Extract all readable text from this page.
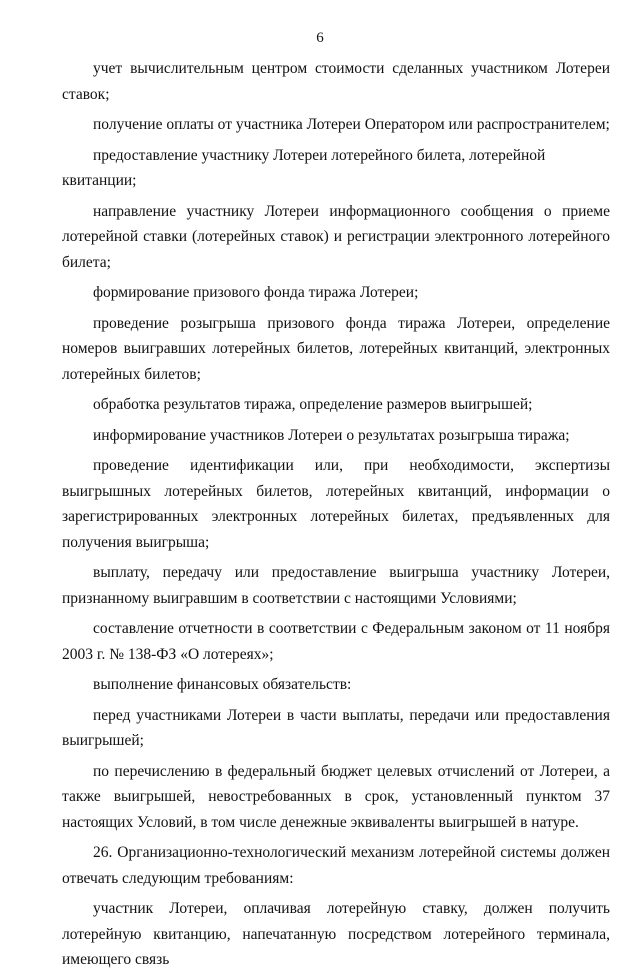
6

учет вычислительным центром стоимости сделанных участником Лотереи ставок;

получение оплаты от участника Лотереи Оператором или распространителем;

предоставление участнику Лотереи лотерейного билета, лотерейной квитанции;

направление участнику Лотереи информационного сообщения о приеме лотерейной ставки (лотерейных ставок) и регистрации электронного лотерейного билета;

формирование призового фонда тиража Лотереи;

проведение розыгрыша призового фонда тиража Лотереи, определение номеров выигравших лотерейных билетов, лотерейных квитанций, электронных лотерейных билетов;

обработка результатов тиража, определение размеров выигрышей;

информирование участников Лотереи о результатах розыгрыша тиража;

проведение идентификации или, при необходимости, экспертизы выигрышных лотерейных билетов, лотерейных квитанций, информации о зарегистрированных электронных лотерейных билетах, предъявленных для получения выигрыша;

выплату, передачу или предоставление выигрыша участнику Лотереи, признанному выигравшим в соответствии с настоящими Условиями;

составление отчетности в соответствии с Федеральным законом от 11 ноября 2003 г. № 138-ФЗ «О лотереях»;

выполнение финансовых обязательств:

перед участниками Лотереи в части выплаты, передачи или предоставления выигрышей;

по перечислению в федеральный бюджет целевых отчислений от Лотереи, а также выигрышей, невостребованных в срок, установленный пунктом 37 настоящих Условий, в том числе денежные эквиваленты выигрышей в натуре.

26. Организационно-технологический механизм лотерейной системы должен отвечать следующим требованиям:

участник Лотереи, оплачивая лотерейную ставку, должен получить лотерейную квитанцию, напечатанную посредством лотерейного терминала, имеющего связь
